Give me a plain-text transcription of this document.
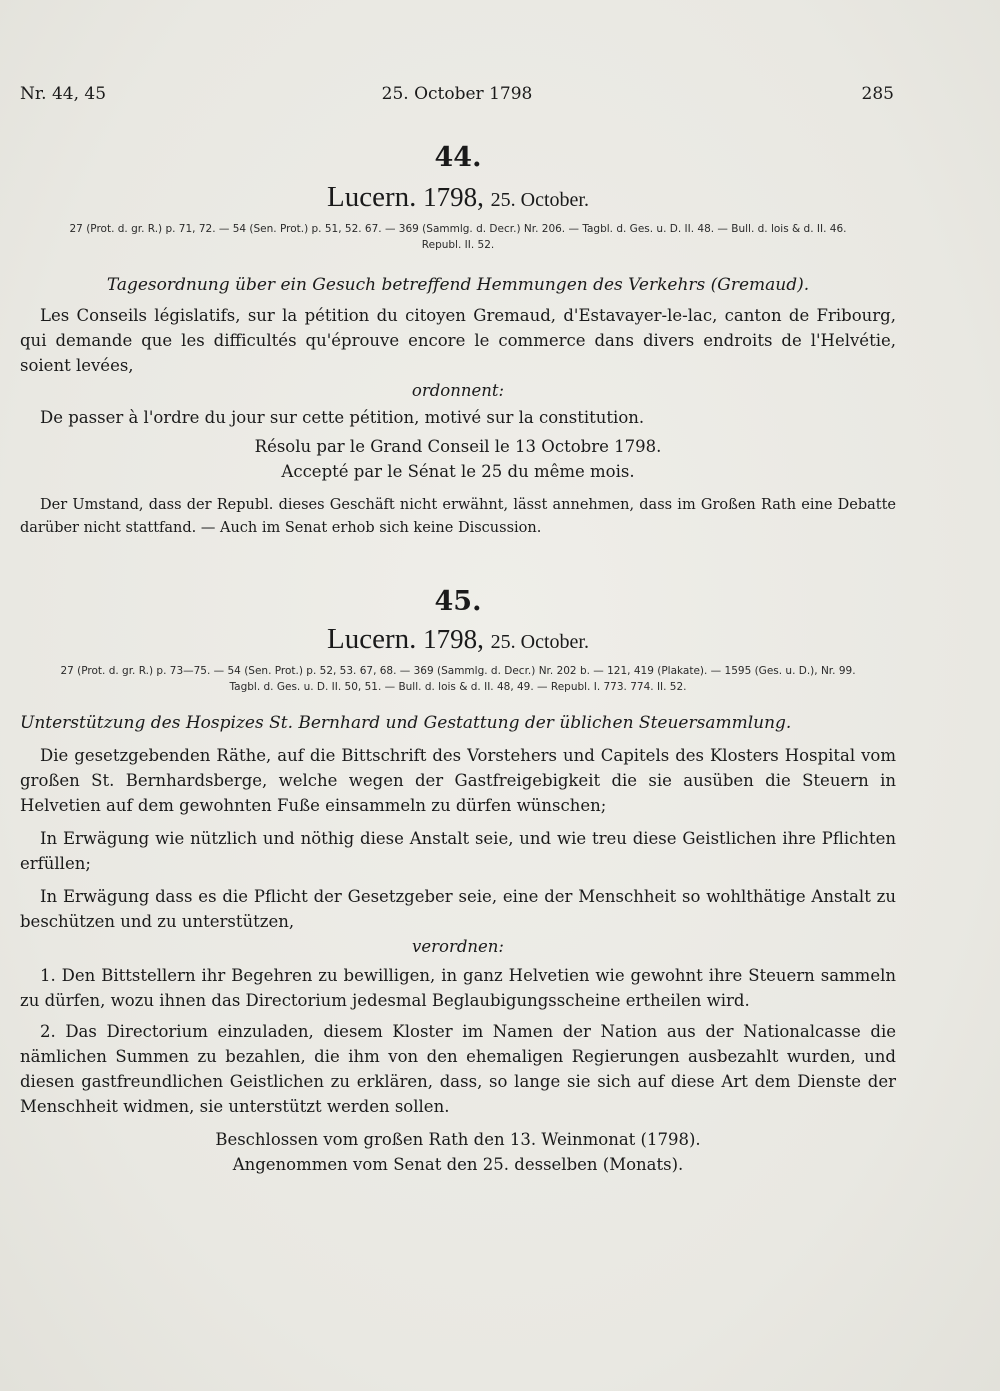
Nr. 44, 45	25. October 1798	285
44.
Lucern. 1798, 25. October.
27 (Prot. d. gr. R.) p. 71, 72. — 54 (Sen. Prot.) p. 51, 52. 67. — 369 (Sammlg. d. Decr.) Nr. 206. — Tagbl. d. Ges. u. D. II. 48. — Bull. d. lois & d. II. 46.
Republ. II. 52.
Tagesordnung über ein Gesuch betreffend Hemmungen des Verkehrs (Gremaud).

Les Conseils législatifs, sur la pétition du citoyen Gremaud, d'Estavayer-le-lac, canton de Fribourg, qui demande que les difficultés qu'éprouve encore le commerce dans divers endroits de l'Helvétie, soient levées,

ordonnent:

De passer à l'ordre du jour sur cette pétition, motivé sur la constitution.

Résolu par le Grand Conseil le 13 Octobre 1798.

Accepté par le Sénat le 25 du même mois.

Der Umstand, dass der Republ. dieses Geschäft nicht erwähnt, lässt annehmen, dass im Großen Rath eine Debatte darüber nicht stattfand. — Auch im Senat erhob sich keine Discussion.

45.
Lucern. 1798, 25. October.
27 (Prot. d. gr. R.) p. 73—75. — 54 (Sen. Prot.) p. 52, 53. 67, 68. — 369 (Sammlg. d. Decr.) Nr. 202 b. — 121, 419 (Plakate). — 1595 (Ges. u. D.), Nr. 99.
Tagbl. d. Ges. u. D. II. 50, 51. — Bull. d. lois & d. II. 48, 49. — Republ. I. 773. 774. II. 52.
Unterstützung des Hospizes St. Bernhard und Gestattung der üblichen Steuersammlung.

Die gesetzgebenden Räthe, auf die Bittschrift des Vorstehers und Capitels des Klosters Hospital vom großen St. Bernhardsberge, welche wegen der Gastfreigebigkeit die sie ausüben die Steuern in Helvetien auf dem gewohnten Fuße einsammeln zu dürfen wünschen;

In Erwägung wie nützlich und nöthig diese Anstalt seie, und wie treu diese Geistlichen ihre Pflichten erfüllen;

In Erwägung dass es die Pflicht der Gesetzgeber seie, eine der Menschheit so wohlthätige Anstalt zu beschützen und zu unterstützen,

verordnen:

1. Den Bittstellern ihr Begehren zu bewilligen, in ganz Helvetien wie gewohnt ihre Steuern sammeln zu dürfen, wozu ihnen das Directorium jedesmal Beglaubigungsscheine ertheilen wird.

2. Das Directorium einzuladen, diesem Kloster im Namen der Nation aus der Nationalcasse die nämlichen Summen zu bezahlen, die ihm von den ehemaligen Regierungen ausbezahlt wurden, und diesen gastfreundlichen Geistlichen zu erklären, dass, so lange sie sich auf diese Art dem Dienste der Menschheit widmen, sie unterstützt werden sollen.

Beschlossen vom großen Rath den 13. Weinmonat (1798).

Angenommen vom Senat den 25. desselben (Monats).
